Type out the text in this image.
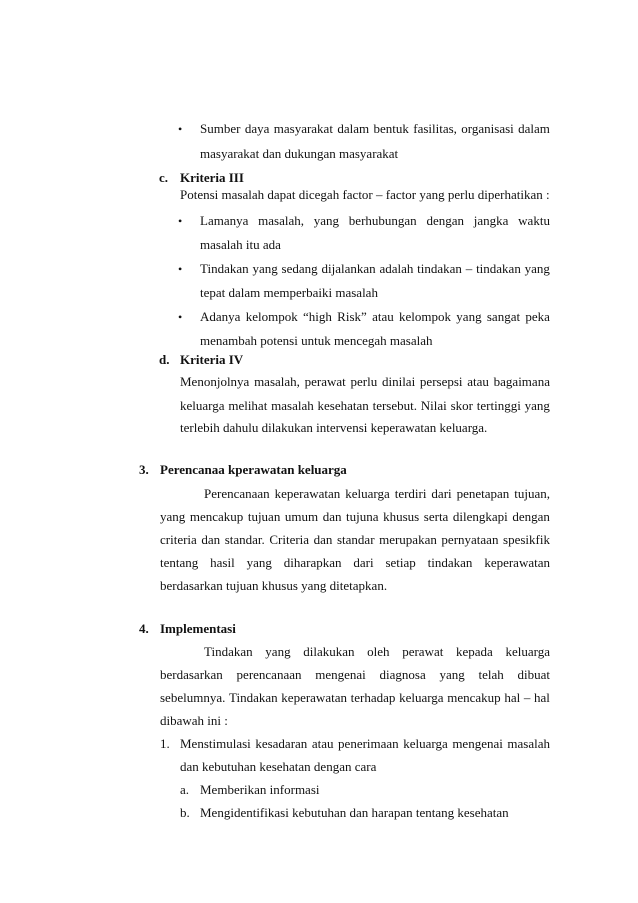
• Sumber daya masyarakat dalam bentuk fasilitas, organisasi dalam
masyarakat dan dukungan masyarakat
c. Kriteria III
Potensi masalah dapat dicegah factor – factor yang perlu diperhatikan :
• Lamanya masalah, yang berhubungan dengan jangka waktu
masalah itu ada
• Tindakan yang sedang dijalankan adalah tindakan – tindakan yang
tepat dalam memperbaiki masalah
• Adanya kelompok “high Risk” atau kelompok yang sangat peka
menambah potensi untuk mencegah masalah
d. Kriteria IV
Menonjolnya masalah, perawat perlu dinilai persepsi atau bagaimana
keluarga melihat masalah kesehatan tersebut. Nilai skor tertinggi yang
terlebih dahulu dilakukan intervensi keperawatan keluarga.
3. Perencanaa kperawatan keluarga
Perencanaan keperawatan keluarga terdiri dari penetapan tujuan,
yang mencakup tujuan umum dan tujuna khusus serta dilengkapi dengan
criteria dan standar. Criteria dan standar merupakan pernyataan spesikfik
tentang hasil yang diharapkan dari setiap tindakan keperawatan
berdasarkan tujuan khusus yang ditetapkan.
4. Implementasi
Tindakan yang dilakukan oleh perawat kepada keluarga
berdasarkan perencanaan mengenai diagnosa yang telah dibuat
sebelumnya. Tindakan keperawatan terhadap keluarga mencakup hal – hal
dibawah ini :
1. Menstimulasi kesadaran atau penerimaan keluarga mengenai masalah
dan kebutuhan kesehatan dengan cara
a. Memberikan informasi
b. Mengidentifikasi kebutuhan dan harapan tentang kesehatan
